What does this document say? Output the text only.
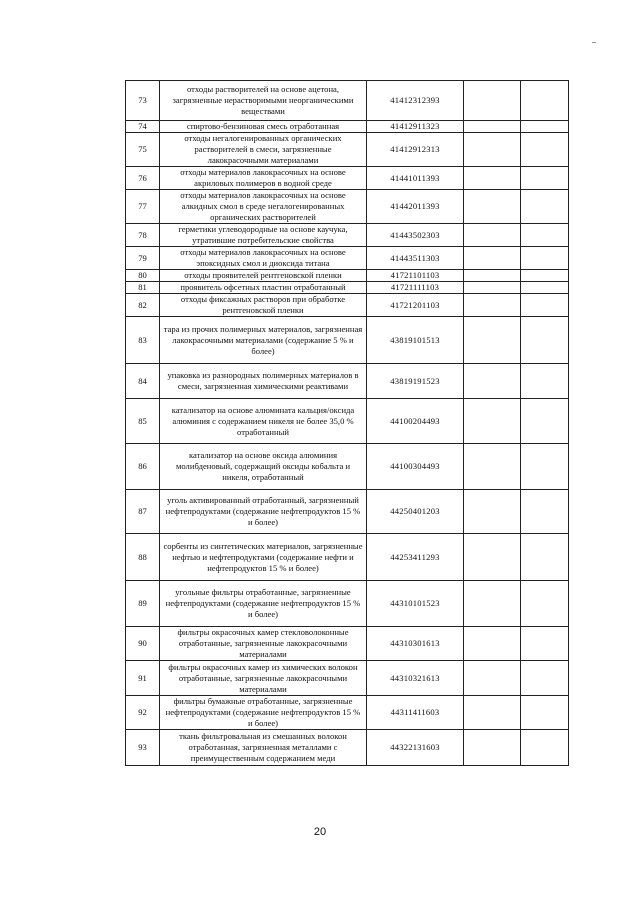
73	отходы растворителей на основе ацетона, загрязненные нерастворимыми неорганическими веществами	41412312393		
74	спиртово-бензиновая смесь отработанная	41412911323		
75	отходы негалогенированных органических растворителей в смеси, загрязненные лакокрасочными материалами	41412912313		
76	отходы материалов лакокрасочных на основе акриловых полимеров в водной среде	41441011393		
77	отходы материалов лакокрасочных на основе алкидных смол в среде негалогенированных органических растворителей	41442011393		
78	герметики углеводородные на основе каучука, утратившие потребительские свойства	41443502303		
79	отходы материалов лакокрасочных на основе эпоксидных смол и диоксида титана	41443511303		
80	отходы проявителей рентгеновской пленки	41721101103		
81	проявитель офсетных пластин отработанный	41721111103		
82	отходы фиксажных растворов при обработке рентгеновской пленки	41721201103		
83	тара из прочих полимерных материалов, загрязненная лакокрасочными материалами (содержание 5 % и более)	43819101513		
84	упаковка из разнородных полимерных материалов в смеси, загрязненная химическими реактивами	43819191523		
85	катализатор на основе алюмината кальция/оксида алюминия с содержанием никеля не более 35,0 % отработанный	44100204493		
86	катализатор на основе оксида алюминия молибденовый, содержащий оксиды кобальта и никеля, отработанный	44100304493		
87	уголь активированный отработанный, загрязненный нефтепродуктами (содержание нефтепродуктов 15 % и более)	44250401203		
88	сорбенты из синтетических материалов, загрязненные нефтью и нефтепродуктами (содержание нефти и нефтепродуктов 15 % и более)	44253411293		
89	угольные фильтры отработанные, загрязненные нефтепродуктами (содержание нефтепродуктов 15 % и более)	44310101523		
90	фильтры окрасочных камер стекловолоконные отработанные, загрязненные лакокрасочными материалами	44310301613		
91	фильтры окрасочных камер из химических волокон отработанные, загрязненные лакокрасочными материалами	44310321613		
92	фильтры бумажные отработанные, загрязненные нефтепродуктами (содержание нефтепродуктов 15 % и более)	44311411603		
93	ткань фильтровальная из смешанных волокон отработанная, загрязненная металлами с преимущественным содержанием меди	44322131603		
20
